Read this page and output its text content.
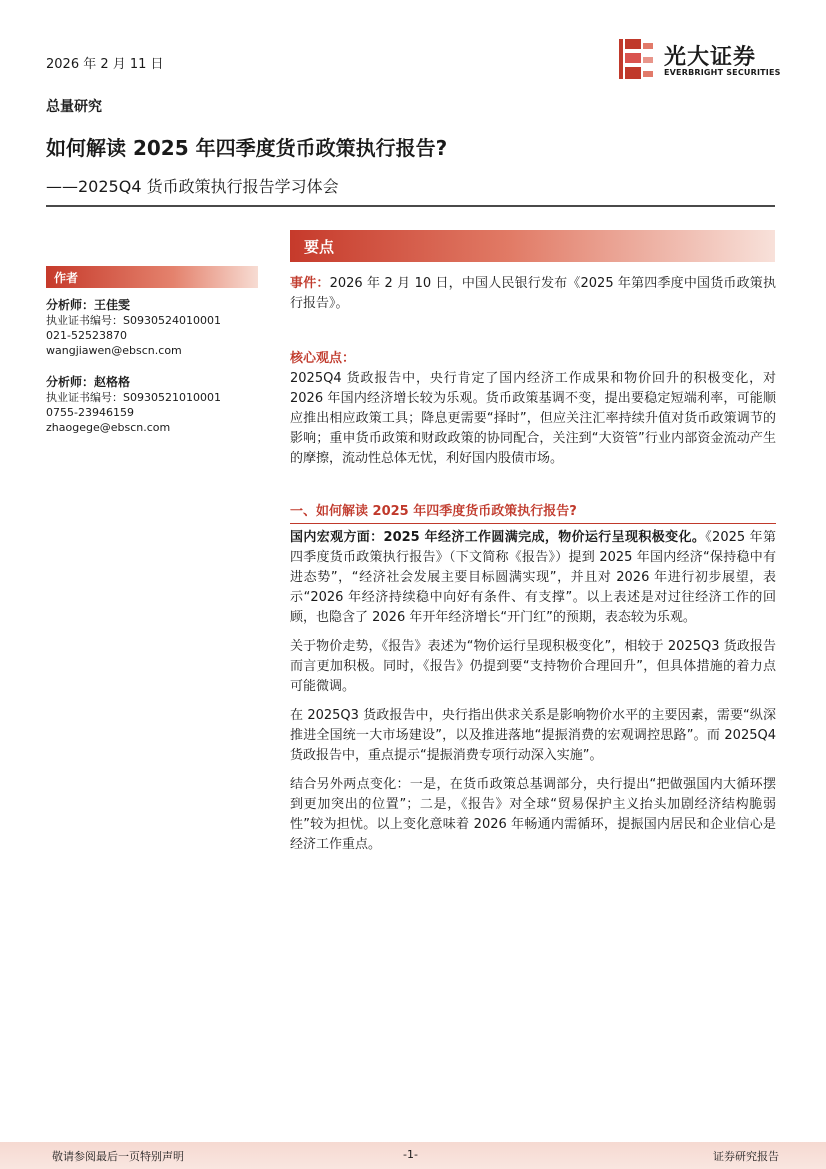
2026 年 2 月 11 日	光大证券
EVERBRIGHT SECURITIES
总量研究
如何解读 2025 年四季度货币政策执行报告?
——2025Q4 货币政策执行报告学习体会
作者
分析师：王佳雯
执业证书编号：S0930524010001
021-52523870
wangjiawen@ebscn.com
分析师：赵格格
执业证书编号：S0930521010001
0755-23946159
zhaogege@ebscn.com
要点

事件：2026 年 2 月 10 日，中国人民银行发布《2025 年第四季度中国货币政策执行报告》。

核心观点：

2025Q4 货政报告中，央行肯定了国内经济工作成果和物价回升的积极变化，对 2026 年国内经济增长较为乐观。货币政策基调不变，提出要稳定短端利率，可能顺应推出相应政策工具；降息更需要“择时”，但应关注汇率持续升值对货币政策调节的影响；重申货币政策和财政政策的协同配合，关注到“大资管”行业内部资金流动产生的摩擦，流动性总体无忧，利好国内股债市场。

一、如何解读 2025 年四季度货币政策执行报告?

国内宏观方面：2025 年经济工作圆满完成，物价运行呈现积极变化。《2025 年第四季度货币政策执行报告》（下文简称《报告》）提到 2025 年国内经济“保持稳中有进态势”，“经济社会发展主要目标圆满实现”，并且对 2026 年进行初步展望，表示“2026 年经济持续稳中向好有条件、有支撑”。以上表述是对过往经济工作的回顾，也隐含了 2026 年开年经济增长“开门红”的预期，表态较为乐观。

关于物价走势，《报告》表述为“物价运行呈现积极变化”，相较于 2025Q3 货政报告而言更加积极。同时，《报告》仍提到要“支持物价合理回升”，但具体措施的着力点可能微调。

在 2025Q3 货政报告中，央行指出供求关系是影响物价水平的主要因素，需要“纵深推进全国统一大市场建设”，以及推进落地“提振消费的宏观调控思路”。而 2025Q4 货政报告中，重点提示“提振消费专项行动深入实施”。

结合另外两点变化：一是，在货币政策总基调部分，央行提出“把做强国内大循环摆到更加突出的位置”；二是，《报告》对全球“贸易保护主义抬头加剧经济结构脆弱性”较为担忧。以上变化意味着 2026 年畅通内需循环，提振国内居民和企业信心是经济工作重点。

敬请参阅最后一页特别声明	-1-	证券研究报告
